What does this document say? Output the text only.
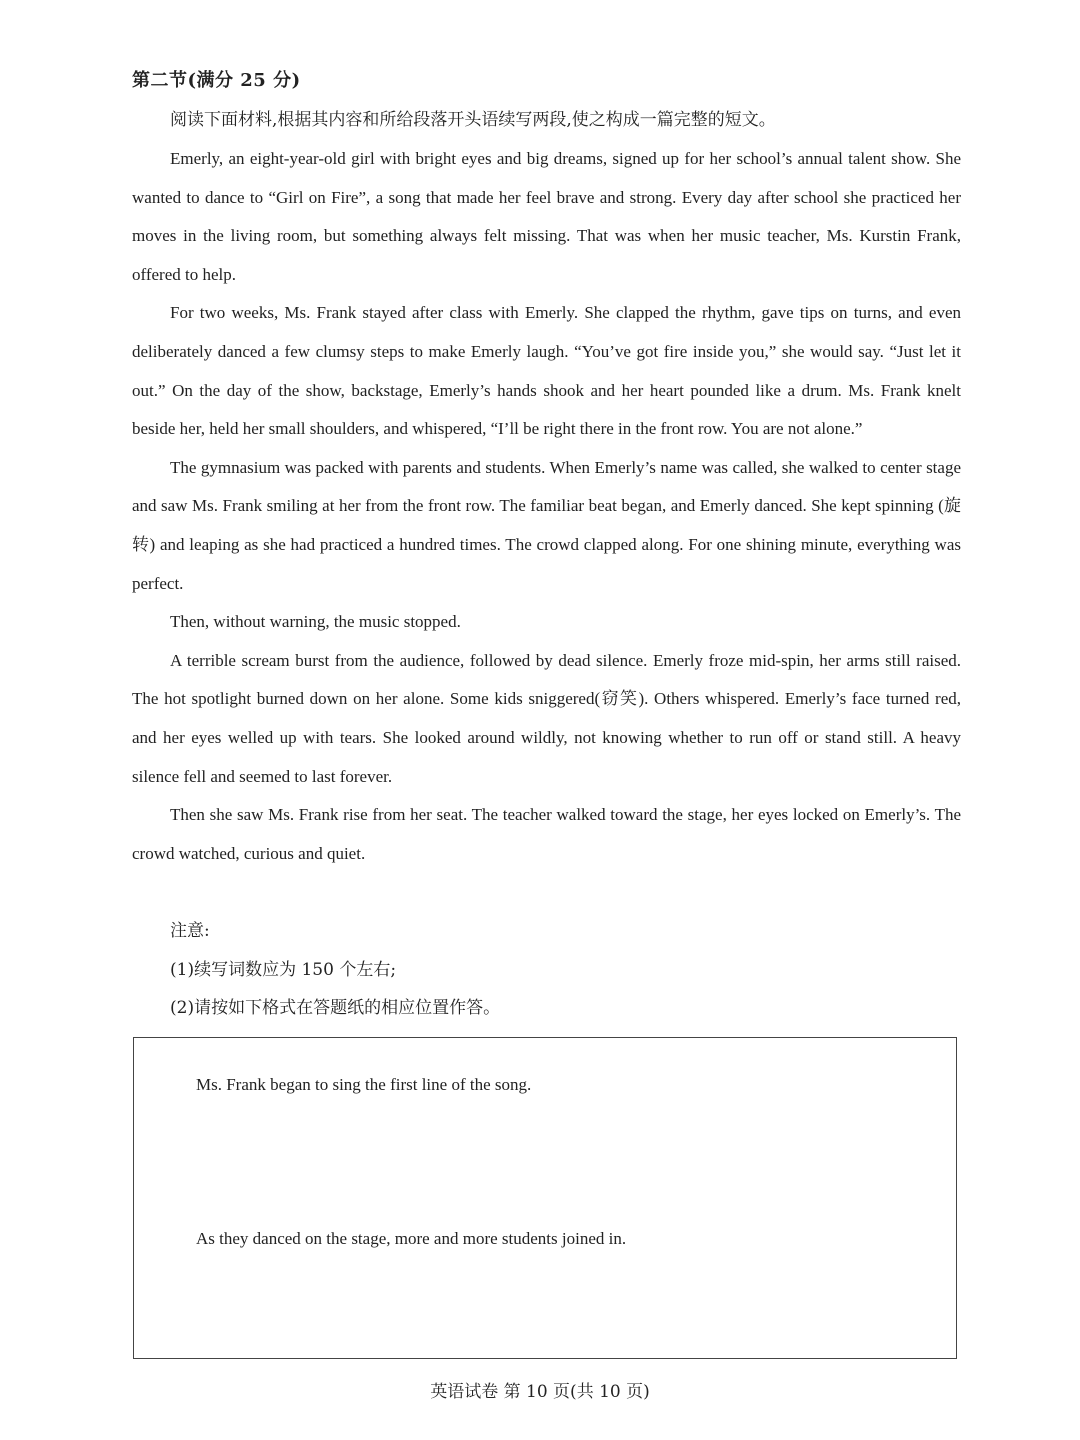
第二节(满分 25 分)
阅读下面材料,根据其内容和所给段落开头语续写两段,使之构成一篇完整的短文。

Emerly, an eight-year-old girl with bright eyes and big dreams, signed up for her school’s annual talent show. She wanted to dance to “Girl on Fire”, a song that made her feel brave and strong. Every day after school she practiced her moves in the living room, but something always felt missing. That was when her music teacher, Ms. Kurstin Frank, offered to help.

For two weeks, Ms. Frank stayed after class with Emerly. She clapped the rhythm, gave tips on turns, and even deliberately danced a few clumsy steps to make Emerly laugh. “You’ve got fire inside you,” she would say. “Just let it out.” On the day of the show, backstage, Emerly’s hands shook and her heart pounded like a drum. Ms. Frank knelt beside her, held her small shoulders, and whispered, “I’ll be right there in the front row. You are not alone.”

The gymnasium was packed with parents and students. When Emerly’s name was called, she walked to center stage and saw Ms. Frank smiling at her from the front row. The familiar beat began, and Emerly danced. She kept spinning (旋转) and leaping as she had practiced a hundred times. The crowd clapped along. For one shining minute, everything was perfect.

Then, without warning, the music stopped.

A terrible scream burst from the audience, followed by dead silence. Emerly froze mid-spin, her arms still raised. The hot spotlight burned down on her alone. Some kids sniggered(窃笑). Others whispered. Emerly’s face turned red, and her eyes welled up with tears. She looked around wildly, not knowing whether to run off or stand still. A heavy silence fell and seemed to last forever.

Then she saw Ms. Frank rise from her seat. The teacher walked toward the stage, her eyes locked on Emerly’s. The crowd watched, curious and quiet.

注意:
(1)续写词数应为 150 个左右;
(2)请按如下格式在答题纸的相应位置作答。
Ms. Frank began to sing the first line of the song.
As they danced on the stage, more and more students joined in.
英语试卷 第 10 页(共 10 页)
